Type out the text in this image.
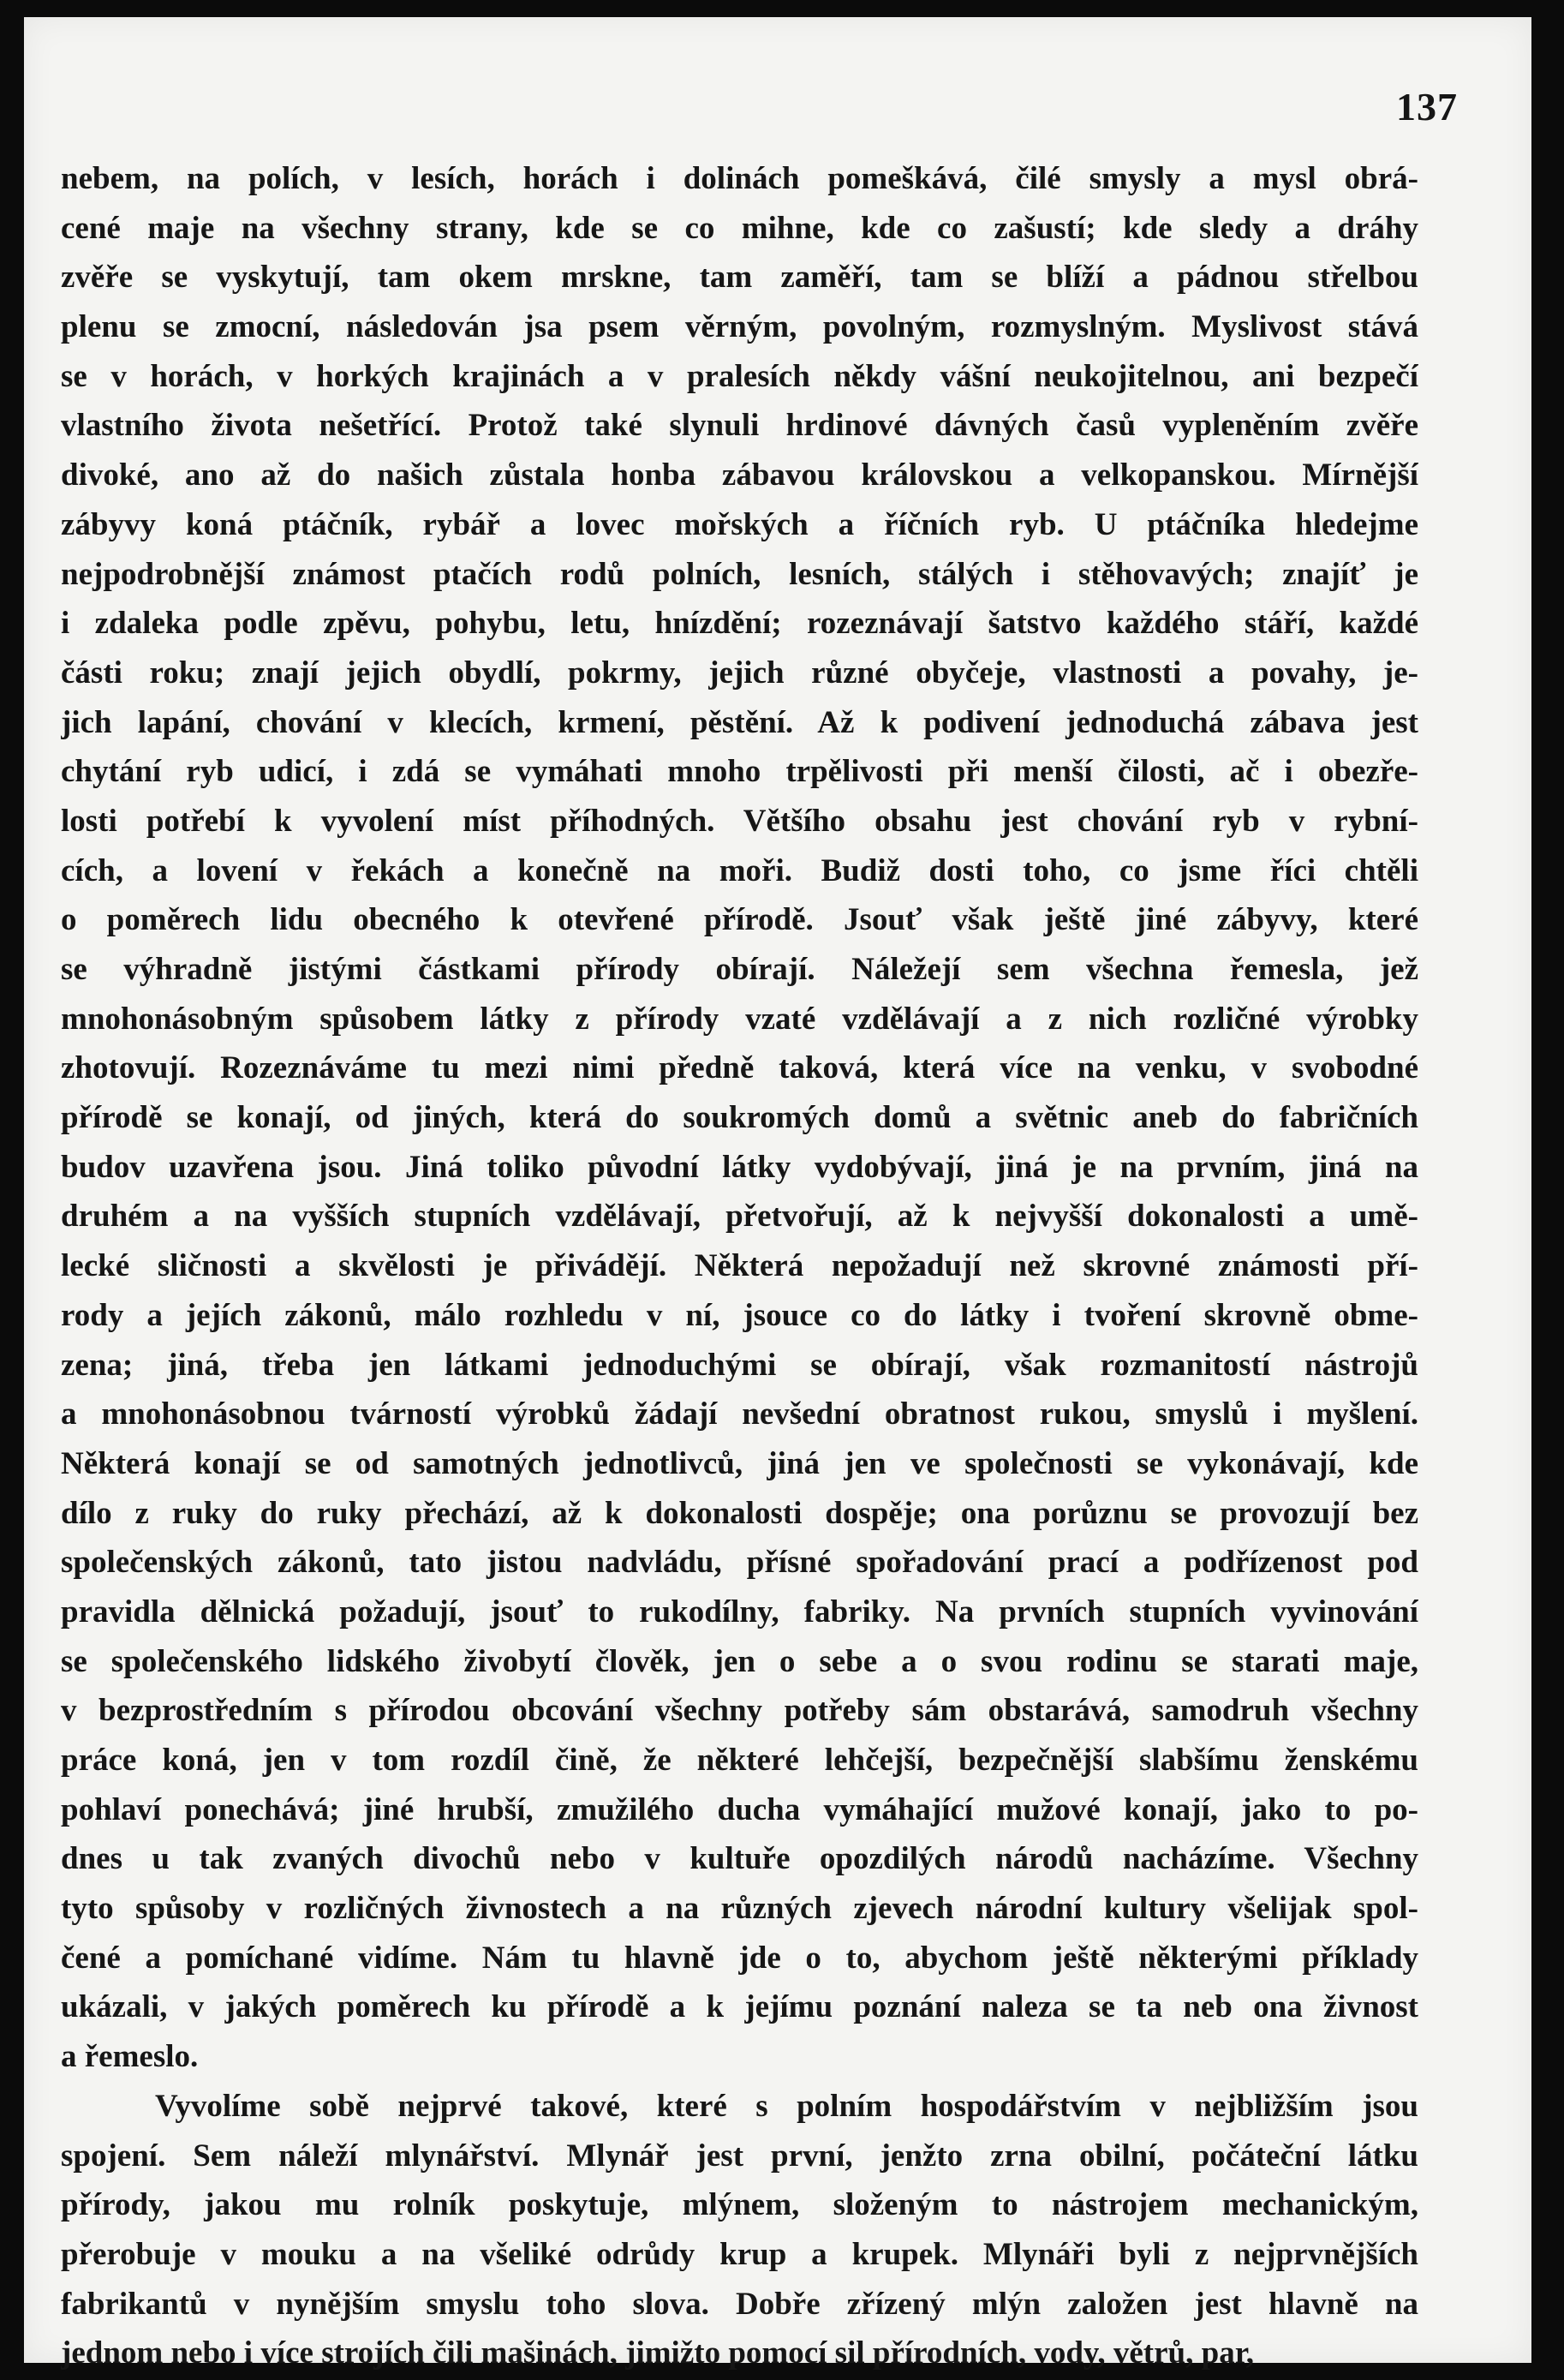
137
nebem, na polích, v lesích, horách i dolinách pomeškává, čilé smysly a mysl obrá-
cené maje na všechny strany, kde se co mihne, kde co zašustí; kde sledy a dráhy
zvěře se vyskytují, tam okem mrskne, tam zaměří, tam se blíží a pádnou střelbou
plenu se zmocní, následován jsa psem věrným, povolným, rozmyslným. Myslivost stává
se v horách, v horkých krajinách a v pralesích někdy vášní neukojitelnou, ani bezpečí
vlastního života nešetřící. Protož také slynuli hrdinové dávných časů vypleněním zvěře
divoké, ano až do našich zůstala honba zábavou královskou a velkopanskou. Mírnější
zábyvy koná ptáčník, rybář a lovec mořských a říčních ryb. U ptáčníka hledejme
nejpodrobnější známost ptačích rodů polních, lesních, stálých i stěhovavých; znajíť je
i zdaleka podle zpěvu, pohybu, letu, hnízdění; rozeznávají šatstvo každého stáří, každé
části roku; znají jejich obydlí, pokrmy, jejich různé obyčeje, vlastnosti a povahy, je-
jich lapání, chování v klecích, krmení, pěstění. Až k podivení jednoduchá zábava jest
chytání ryb udicí, i zdá se vymáhati mnoho trpělivosti při menší čilosti, ač i obezře-
losti potřebí k vyvolení míst příhodných. Většího obsahu jest chování ryb v rybní-
cích, a lovení v řekách a konečně na moři. Budiž dosti toho, co jsme říci chtěli
o poměrech lidu obecného k otevřené přírodě. Jsouť však ještě jiné zábyvy, které
se výhradně jistými částkami přírody obírají. Náležejí sem všechna řemesla, jež
mnohonásobným spůsobem látky z přírody vzaté vzdělávají a z nich rozličné výrobky
zhotovují. Rozeznáváme tu mezi nimi předně taková, která více na venku, v svobodné
přírodě se konají, od jiných, která do soukromých domů a světnic aneb do fabričních
budov uzavřena jsou. Jiná toliko původní látky vydobývají, jiná je na prvním, jiná na
druhém a na vyšších stupních vzdělávají, přetvořují, až k nejvyšší dokonalosti a umě-
lecké sličnosti a skvělosti je přivádějí. Některá nepožadují než skrovné známosti pří-
rody a jejích zákonů, málo rozhledu v ní, jsouce co do látky i tvoření skrovně obme-
zena; jiná, třeba jen látkami jednoduchými se obírají, však rozmanitostí nástrojů
a mnohonásobnou tvárností výrobků žádají nevšední obratnost rukou, smyslů i myšlení.
Některá konají se od samotných jednotlivců, jiná jen ve společnosti se vykonávají, kde
dílo z ruky do ruky přechází, až k dokonalosti dospěje; ona porůznu se provozují bez
společenských zákonů, tato jistou nadvládu, přísné spořadování prací a podřízenost pod
pravidla dělnická požadují, jsouť to rukodílny, fabriky. Na prvních stupních vyvinování
se společenského lidského živobytí člověk, jen o sebe a o svou rodinu se starati maje,
v bezprostředním s přírodou obcování všechny potřeby sám obstarává, samodruh všechny
práce koná, jen v tom rozdíl čině, že některé lehčejší, bezpečnější slabšímu ženskému
pohlaví ponechává; jiné hrubší, zmužilého ducha vymáhající mužové konají, jako to po-
dnes u tak zvaných divochů nebo v kultuře opozdilých národů nacházíme. Všechny
tyto spůsoby v rozličných živnostech a na různých zjevech národní kultury všelijak spol-
čené a pomíchané vidíme. Nám tu hlavně jde o to, abychom ještě některými příklady
ukázali, v jakých poměrech ku přírodě a k jejímu poznání naleza se ta neb ona živnost
a řemeslo.
Vyvolíme sobě nejprvé takové, které s polním hospodářstvím v nejbližším jsou
spojení. Sem náleží mlynářství. Mlynář jest první, jenžto zrna obilní, počáteční látku
přírody, jakou mu rolník poskytuje, mlýnem, složeným to nástrojem mechanickým,
přerobuje v mouku a na všeliké odrůdy krup a krupek. Mlynáři byli z nejprvnějších
fabrikantů v nynějším smyslu toho slova. Dobře zřízený mlýn založen jest hlavně na
jednom nebo i více strojích čili mašinách, jimižto pomocí sil přírodních, vody, větrů, par,
